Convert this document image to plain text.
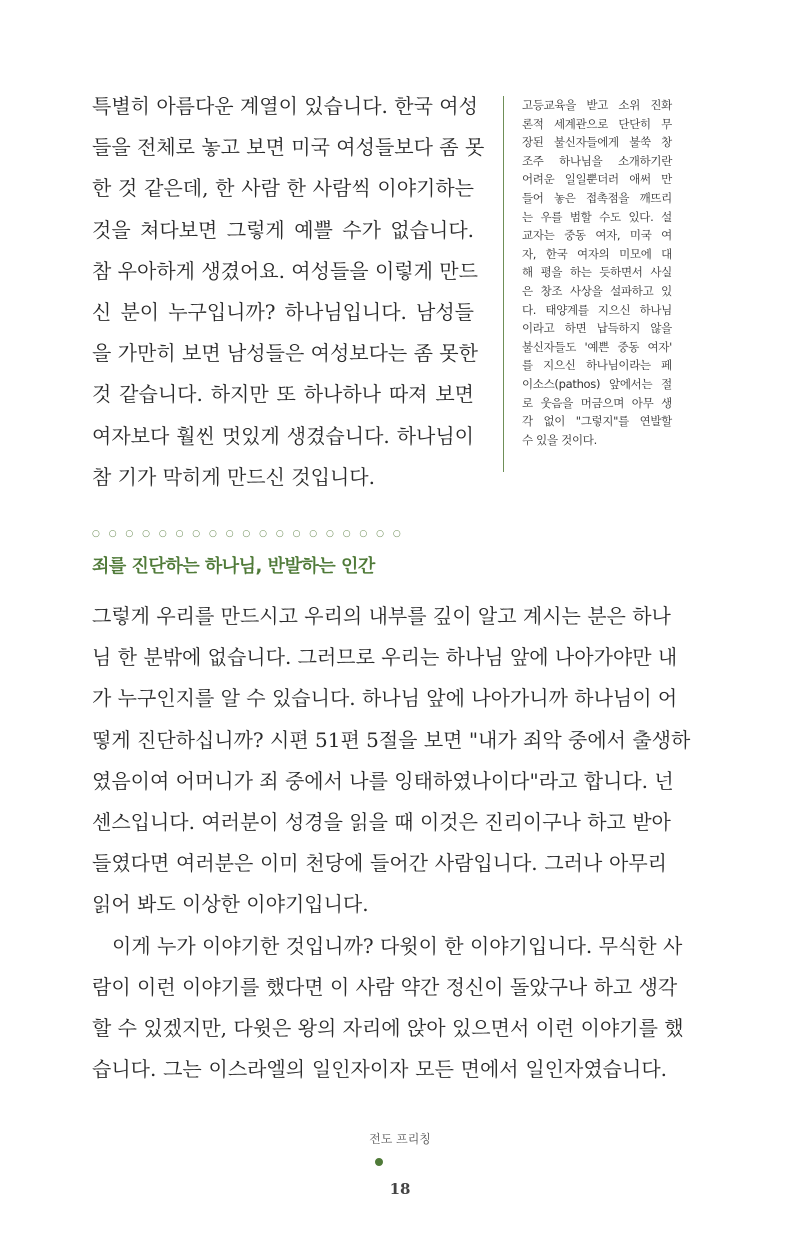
특별히 아름다운 계열이 있습니다. 한국 여성
들을 전체로 놓고 보면 미국 여성들보다 좀 못
한 것 같은데, 한 사람 한 사람씩 이야기하는
것을 쳐다보면 그렇게 예쁠 수가 없습니다.
참 우아하게 생겼어요. 여성들을 이렇게 만드
신 분이 누구입니까? 하나님입니다. 남성들
을 가만히 보면 남성들은 여성보다는 좀 못한
것 같습니다. 하지만 또 하나하나 따져 보면
여자보다 훨씬 멋있게 생겼습니다. 하나님이
참 기가 막히게 만드신 것입니다.
고등교육을 받고 소위 진화
론적 세계관으로 단단히 무
장된 불신자들에게 불쑥 창
조주 하나님을 소개하기란
어려운 일일뿐더러 애써 만
들어 놓은 접촉점을 깨뜨리
는 우를 범할 수도 있다. 설
교자는 중동 여자, 미국 여
자, 한국 여자의 미모에 대
해 평을 하는 듯하면서 사실
은 창조 사상을 설파하고 있
다. 태양계를 지으신 하나님
이라고 하면 납득하지 않을
불신자들도 '예쁜 중동 여자'
를 지으신 하나님이라는 페
이소스(pathos) 앞에서는 절
로 웃음을 머금으며 아무 생
각 없이 "그렇지"를 연발할
수 있을 것이다.
○ ○ ○ ○ ○ ○ ○ ○ ○ ○ ○ ○ ○ ○ ○ ○ ○ ○ ○
죄를 진단하는 하나님, 반발하는 인간
그렇게 우리를 만드시고 우리의 내부를 깊이 알고 계시는 분은 하나
님 한 분밖에 없습니다. 그러므로 우리는 하나님 앞에 나아가야만 내
가 누구인지를 알 수 있습니다. 하나님 앞에 나아가니까 하나님이 어
떻게 진단하십니까? 시편 51편 5절을 보면 "내가 죄악 중에서 출생하
였음이여 어머니가 죄 중에서 나를 잉태하였나이다"라고 합니다. 넌
센스입니다. 여러분이 성경을 읽을 때 이것은 진리이구나 하고 받아
들였다면 여러분은 이미 천당에 들어간 사람입니다. 그러나 아무리
읽어 봐도 이상한 이야기입니다.
이게 누가 이야기한 것입니까? 다윗이 한 이야기입니다. 무식한 사
람이 이런 이야기를 했다면 이 사람 약간 정신이 돌았구나 하고 생각
할 수 있겠지만, 다윗은 왕의 자리에 앉아 있으면서 이런 이야기를 했
습니다. 그는 이스라엘의 일인자이자 모든 면에서 일인자였습니다.
전도 프리칭
18
